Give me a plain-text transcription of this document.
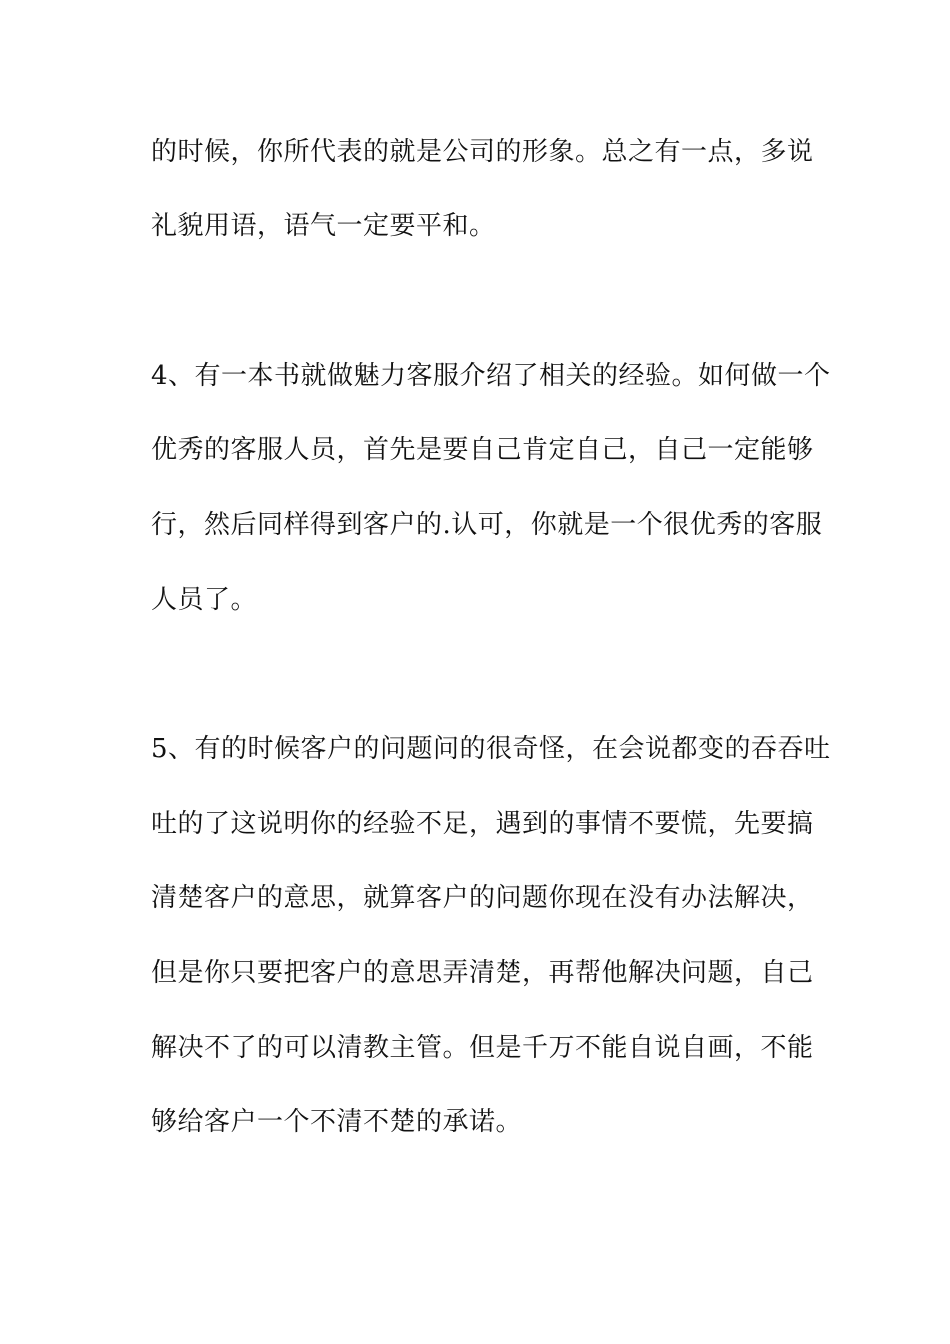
的时候，你所代表的就是公司的形象。总之有一点，多说
礼貌用语，语气一定要平和。
4、有一本书就做魅力客服介绍了相关的经验。如何做一个
优秀的客服人员，首先是要自己肯定自己，自己一定能够
行，然后同样得到客户的.认可，你就是一个很优秀的客服
人员了。
5、有的时候客户的问题问的很奇怪，在会说都变的吞吞吐
吐的了这说明你的经验不足，遇到的事情不要慌，先要搞
清楚客户的意思，就算客户的问题你现在没有办法解决，
但是你只要把客户的意思弄清楚，再帮他解决问题，自己
解决不了的可以清教主管。但是千万不能自说自画，不能
够给客户一个不清不楚的承诺。
